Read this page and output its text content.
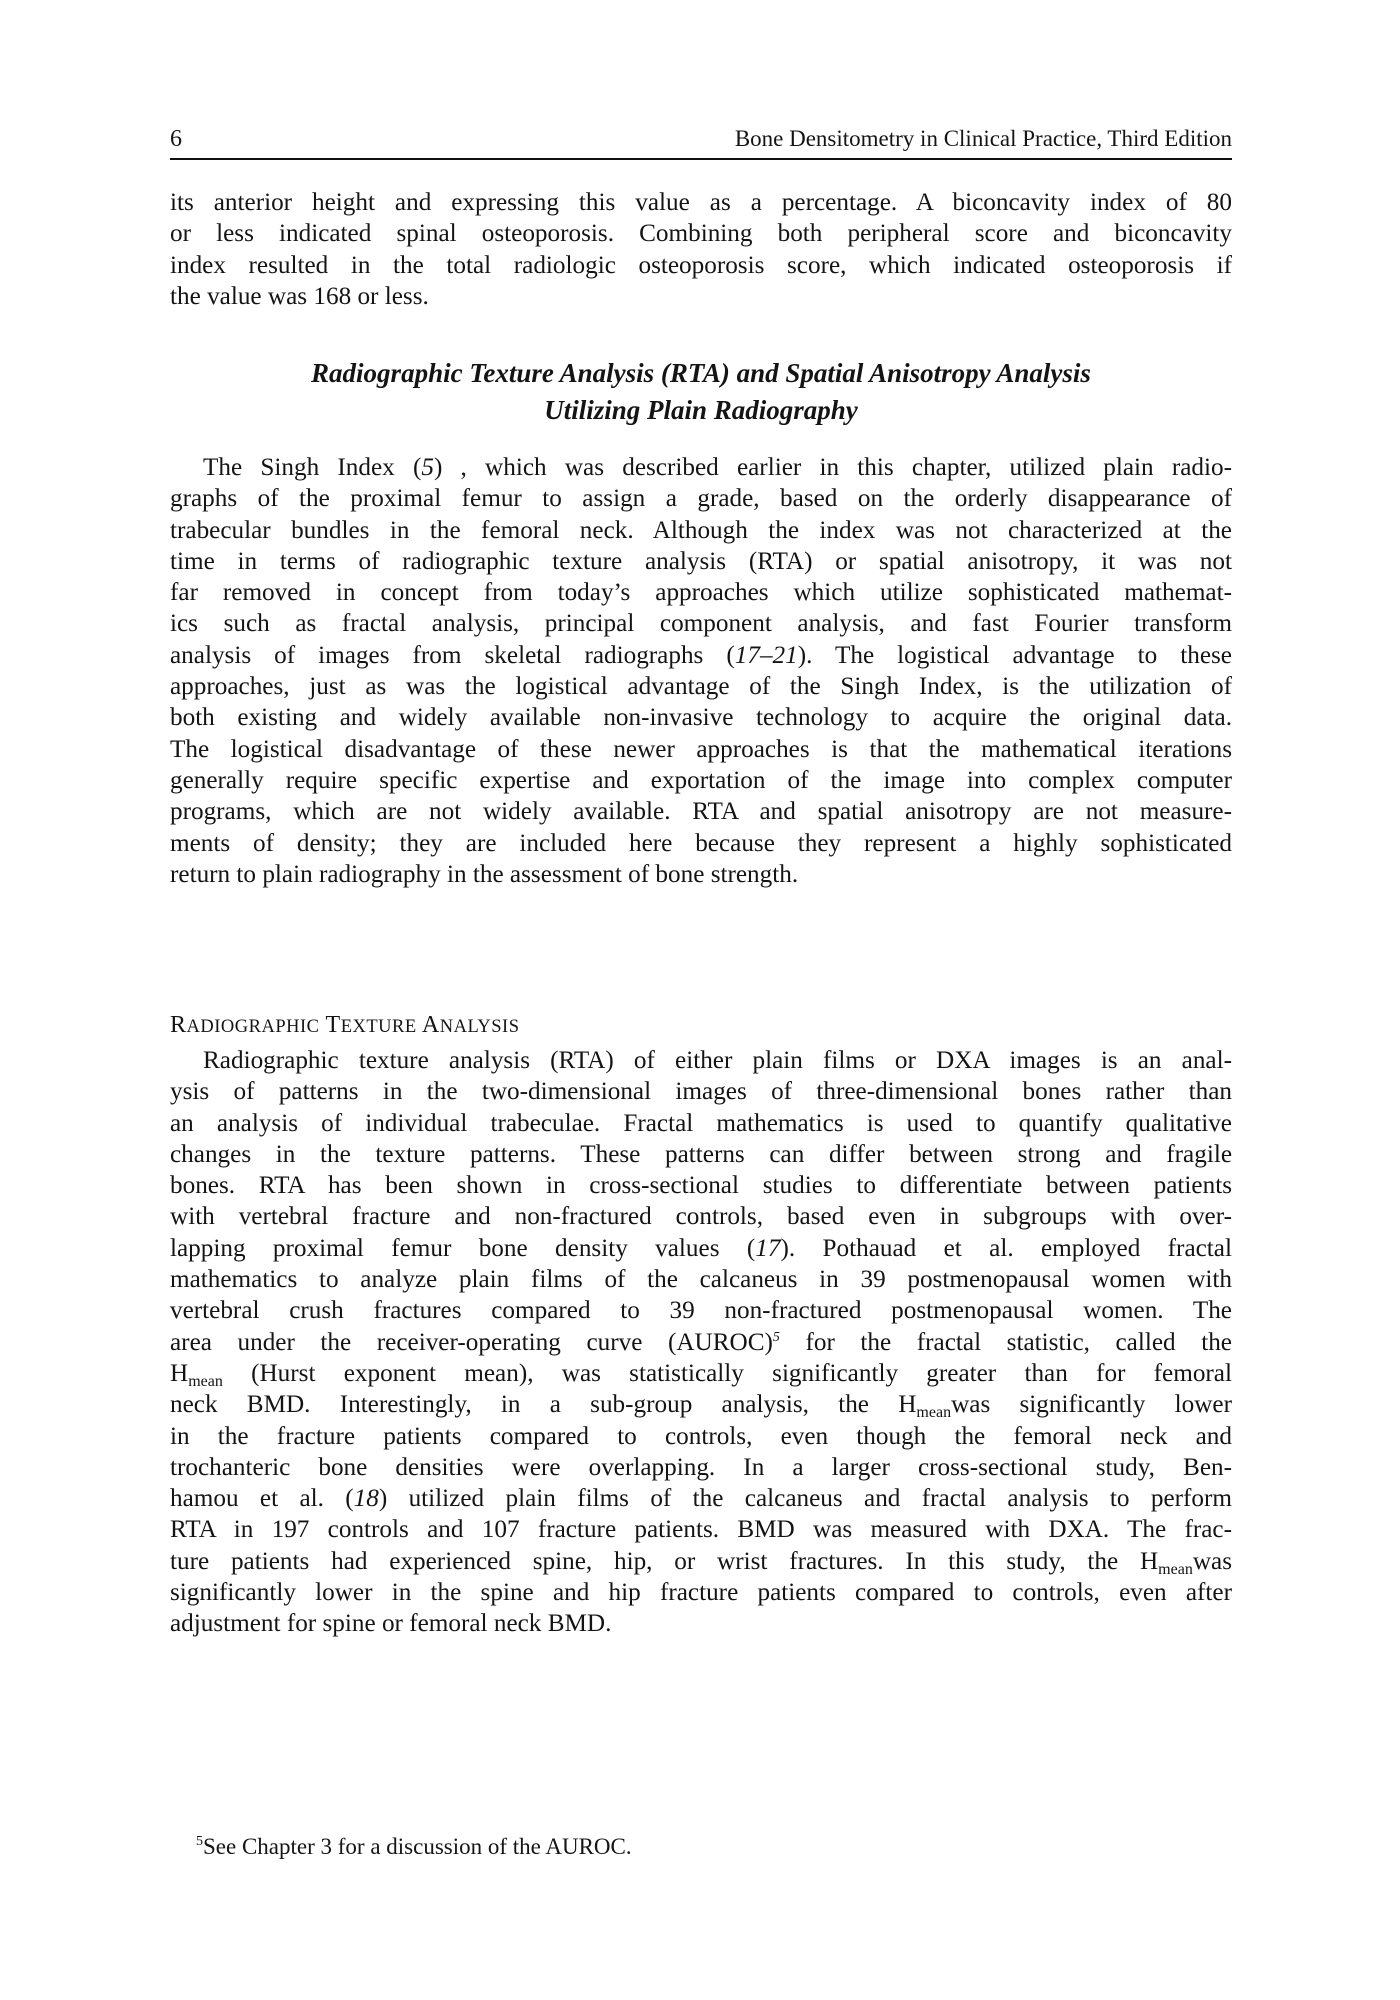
6	Bone Densitometry in Clinical Practice, Third Edition
its anterior height and expressing this value as a percentage. A biconcavity index of 80
or less indicated spinal osteoporosis. Combining both peripheral score and biconcavity
index resulted in the total radiologic osteoporosis score, which indicated osteoporosis if
the value was 168 or less.
Radiographic Texture Analysis (RTA) and Spatial Anisotropy Analysis
Utilizing Plain Radiography
The Singh Index (5) , which was described earlier in this chapter, utilized plain radio-
graphs of the proximal femur to assign a grade, based on the orderly disappearance of
trabecular bundles in the femoral neck. Although the index was not characterized at the
time in terms of radiographic texture analysis (RTA) or spatial anisotropy, it was not
far removed in concept from today’s approaches which utilize sophisticated mathemat-
ics such as fractal analysis, principal component analysis, and fast Fourier transform
analysis of images from skeletal radiographs (17–21). The logistical advantage to these
approaches, just as was the logistical advantage of the Singh Index, is the utilization of
both existing and widely available non-invasive technology to acquire the original data.
The logistical disadvantage of these newer approaches is that the mathematical iterations
generally require specific expertise and exportation of the image into complex computer
programs, which are not widely available. RTA and spatial anisotropy are not measure-
ments of density; they are included here because they represent a highly sophisticated
return to plain radiography in the assessment of bone strength.
RADIOGRAPHIC TEXTURE ANALYSIS
Radiographic texture analysis (RTA) of either plain films or DXA images is an anal-
ysis of patterns in the two-dimensional images of three-dimensional bones rather than
an analysis of individual trabeculae. Fractal mathematics is used to quantify qualitative
changes in the texture patterns. These patterns can differ between strong and fragile
bones. RTA has been shown in cross-sectional studies to differentiate between patients
with vertebral fracture and non-fractured controls, based even in subgroups with over-
lapping proximal femur bone density values (17). Pothauad et al. employed fractal
mathematics to analyze plain films of the calcaneus in 39 postmenopausal women with
vertebral crush fractures compared to 39 non-fractured postmenopausal women. The
area under the receiver-operating curve (AUROC)$^5$ for the fractal statistic, called the
$H_{mean}$ (Hurst exponent mean), was statistically significantly greater than for femoral
neck BMD. Interestingly, in a sub-group analysis, the $H_{mean}was$ significantly lower
in the fracture patients compared to controls, even though the femoral neck and
trochanteric bone densities were overlapping. In a larger cross-sectional study, Ben-
hamou et al. (18) utilized plain films of the calcaneus and fractal analysis to perform
RTA in 197 controls and 107 fracture patients. BMD was measured with DXA. The frac-
ture patients had experienced spine, hip, or wrist fractures. In this study, the $H_{mean}was$
significantly lower in the spine and hip fracture patients compared to controls, even after
adjustment for spine or femoral neck BMD.
$^5$See Chapter 3 for a discussion of the AUROC.
